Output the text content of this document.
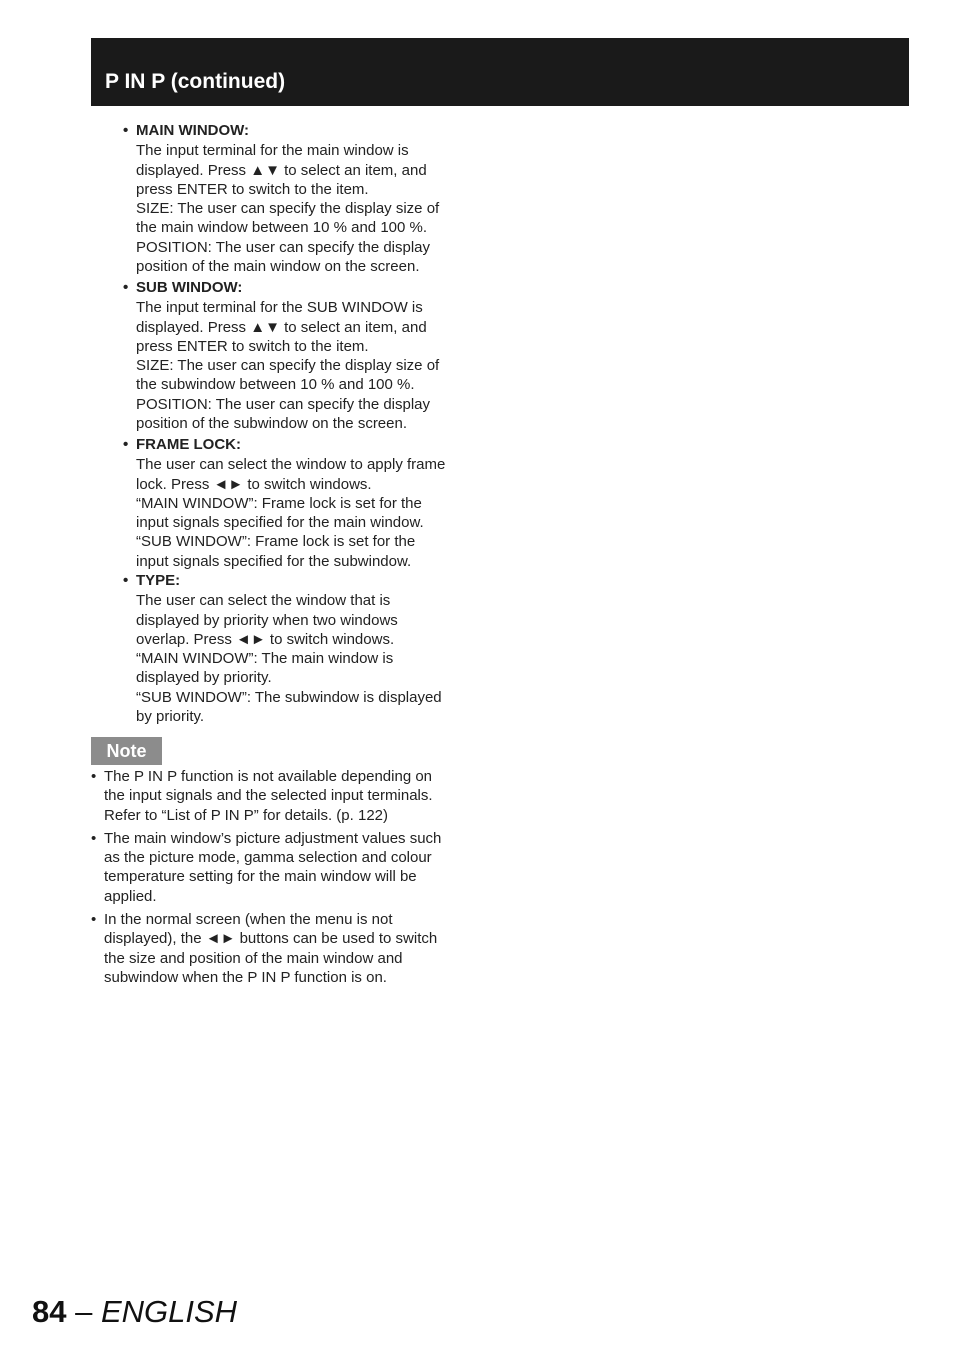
P IN P (continued)
• MAIN WINDOW:
The input terminal for the main window is
displayed. Press ▲▼ to select an item, and
press ENTER to switch to the item.
SIZE: The user can specify the display size of
the main window between 10 % and 100 %.
POSITION: The user can specify the display
position of the main window on the screen.
• SUB WINDOW:
The input terminal for the SUB WINDOW is
displayed. Press ▲▼ to select an item, and
press ENTER to switch to the item.
SIZE: The user can specify the display size of
the subwindow between 10 % and 100 %.
POSITION: The user can specify the display
position of the subwindow on the screen.
• FRAME LOCK:
The user can select the window to apply frame
lock. Press ◄► to switch windows.
“MAIN WINDOW”: Frame lock is set for the
input signals specified for the main window.
“SUB WINDOW”: Frame lock is set for the
input signals specified for the subwindow.
• TYPE:
The user can select the window that is
displayed by priority when two windows
overlap. Press ◄► to switch windows.
“MAIN WINDOW”: The main window is
displayed by priority.
“SUB WINDOW”: The subwindow is displayed
by priority.
Note
• The P IN P function is not available depending on
the input signals and the selected input terminals.
Refer to “List of P IN P” for details. (p. 122)
• The main window’s picture adjustment values such
as the picture mode, gamma selection and colour
temperature setting for the main window will be
applied.
• In the normal screen (when the menu is not
displayed), the ◄► buttons can be used to switch
the size and position of the main window and
subwindow when the P IN P function is on.
84 – ENGLISH
